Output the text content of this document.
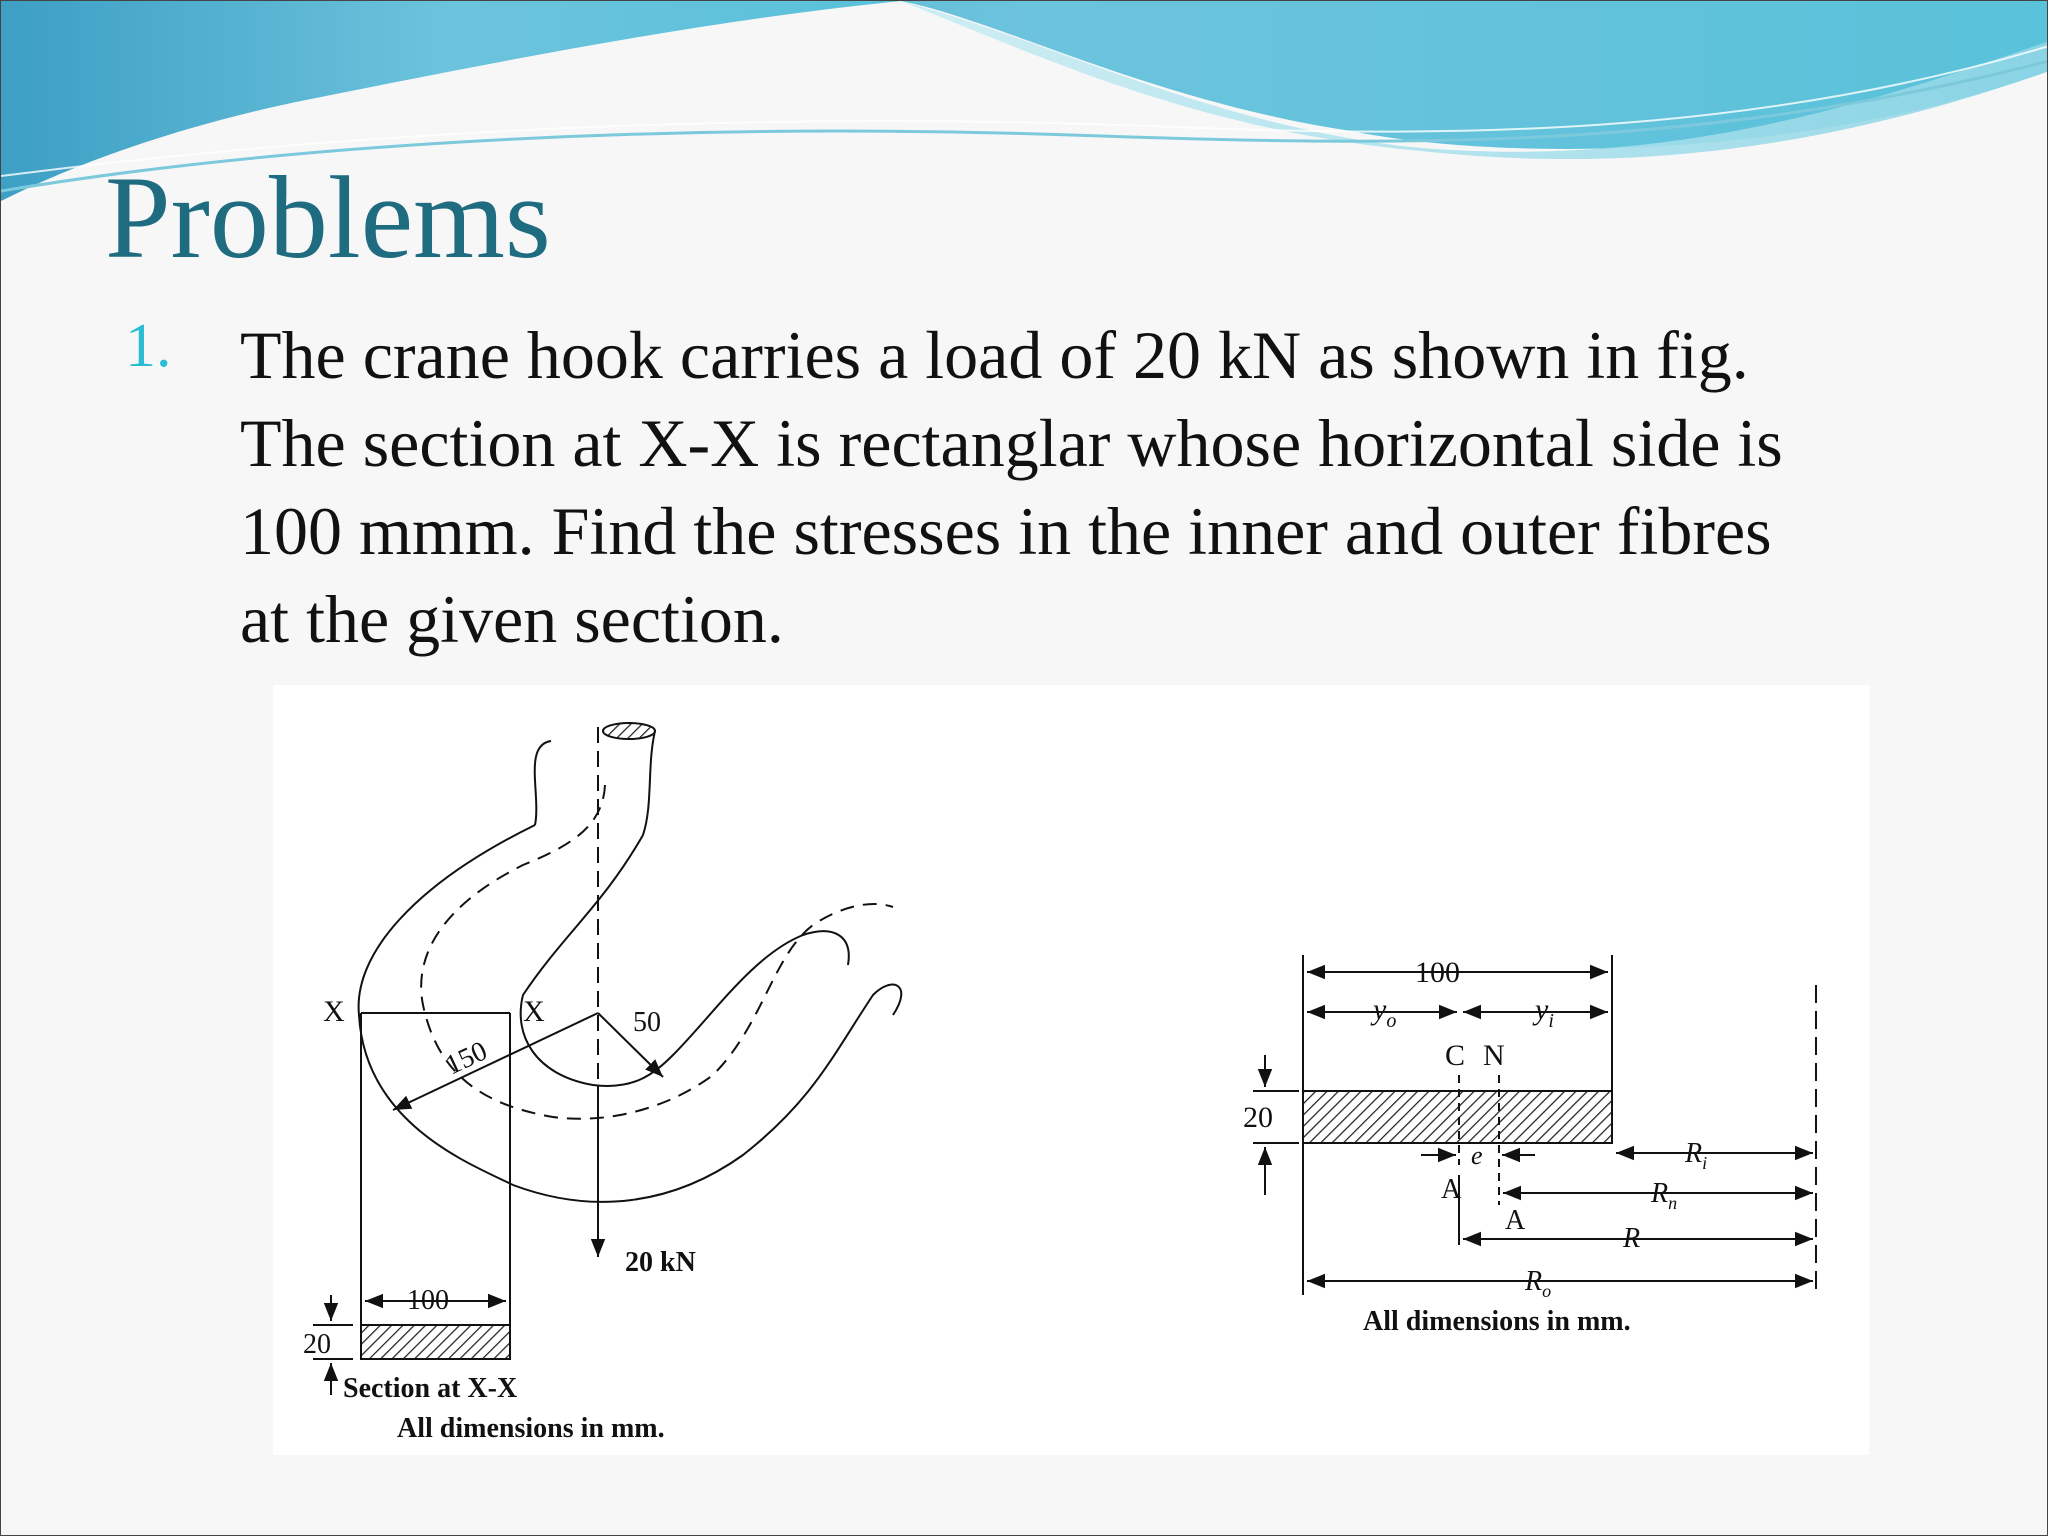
Problems
1. The crane hook carries a load of 20 kN as shown in fig.
The section at X-X is rectanglar whose horizontal side is
100 mmm. Find the stresses in the inner and outer fibres
at the given section.
X	X
150
50
20 kN
100
20
Section at X-X
All dimensions in mm.
100
$y_o$	$y_i$
C N
20
e
A
A
$R_i$
$R_n$
R
$R_o$
All dimensions in mm.
